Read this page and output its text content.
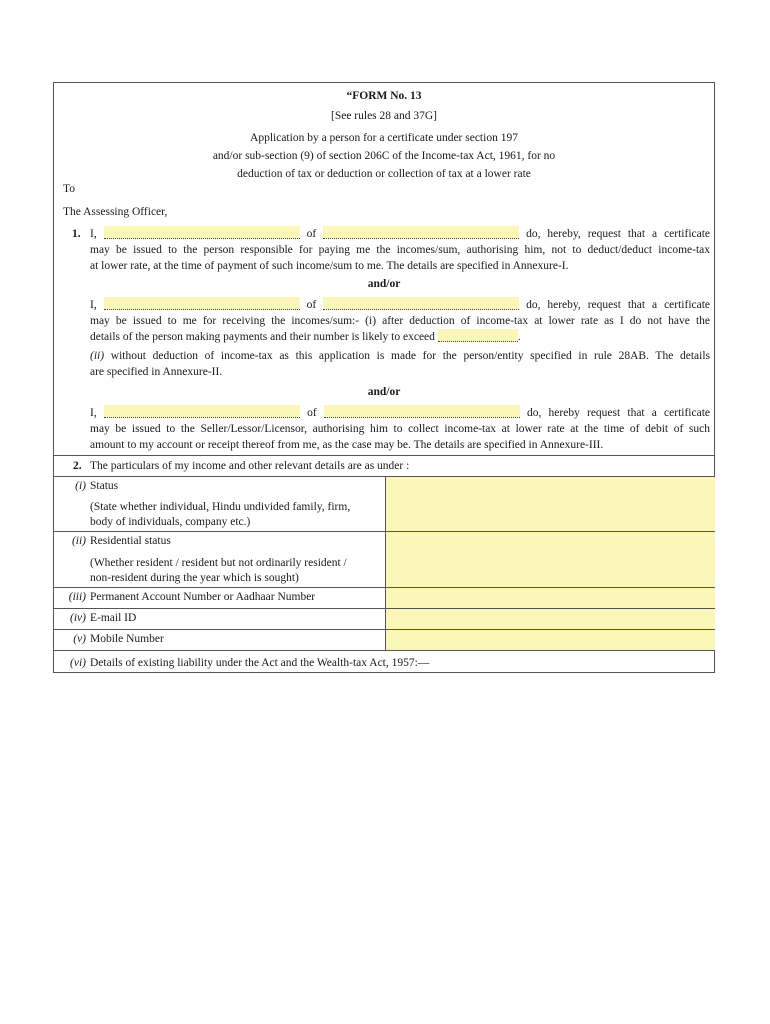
“FORM No. 13
[See rules 28 and 37G]
Application by a person for a certificate under section 197
and/or sub-section (9) of section 206C of the Income-tax Act, 1961, for no
deduction of tax or deduction or collection of tax at a lower rate
To
The Assessing Officer,
1. I,	of	do, hereby, request that a certificate
may be issued to the person responsible for paying me the incomes/sum, authorising him, not to deduct/deduct income-tax
at lower rate, at the time of payment of such income/sum to me. The details are specified in Annexure-I.
and/or
I,	of	do, hereby, request that a certificate
may be issued to me for receiving the incomes/sum:- (i) after deduction of income-tax at lower rate as I do not have the
details of the person making payments and their number is likely to exceed	.
(ii) without deduction of income-tax as this application is made for the person/entity specified in rule 28AB. The details
are specified in Annexure-II.
and/or
I,	of	do, hereby request that a certificate
may be issued to the Seller/Lessor/Licensor, authorising him to collect income-tax at lower rate at the time of debit of such
amount to my account or receipt thereof from me, as the case may be. The details are specified in Annexure-III.
2. The particulars of my income and other relevant details are as under :
(i) Status
(State whether individual, Hindu undivided family, firm,
body of individuals, company etc.)
(ii) Residential status
(Whether resident / resident but not ordinarily resident /
non-resident during the year which is sought)
(iii) Permanent Account Number or Aadhaar Number
(iv) E-mail ID
(v) Mobile Number
(vi) Details of existing liability under the Act and the Wealth-tax Act, 1957:—
